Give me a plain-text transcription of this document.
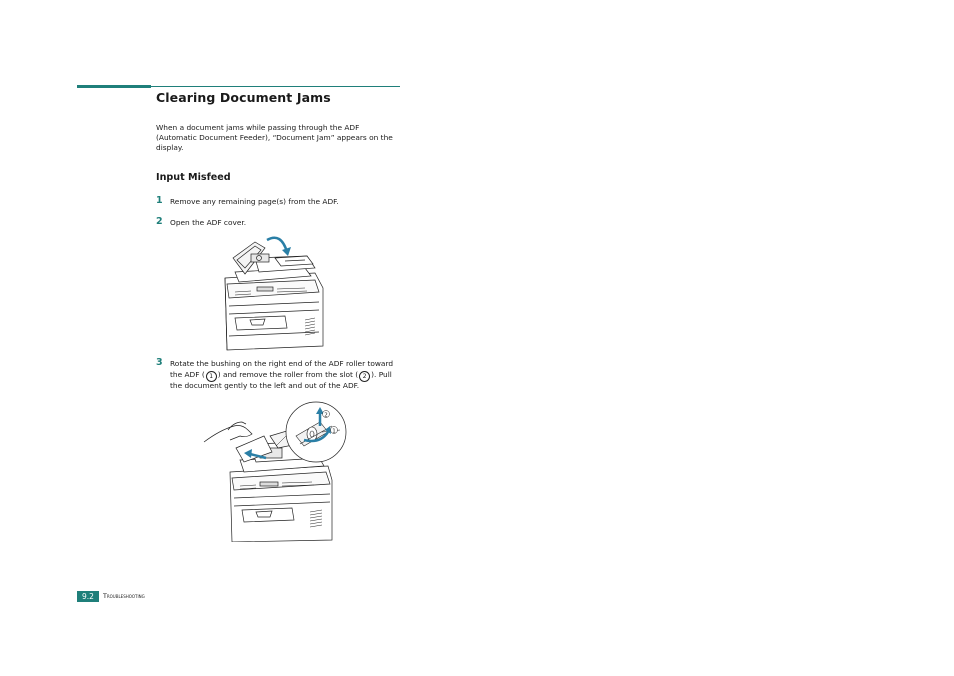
Clearing Document Jams
When a document jams while passing through the ADF
(Automatic Document Feeder), “Document Jam” appears on the
display.
Input Misfeed
1 Remove any remaining page(s) from the ADF.
2 Open the ADF cover.
3 Rotate the bushing on the right end of the ADF roller toward
the ADF ( 1 ) and remove the roller from the slot ( 2 ). Pull
the document gently to the left and out of the ADF.
2
1
9.2	Troubleshooting
